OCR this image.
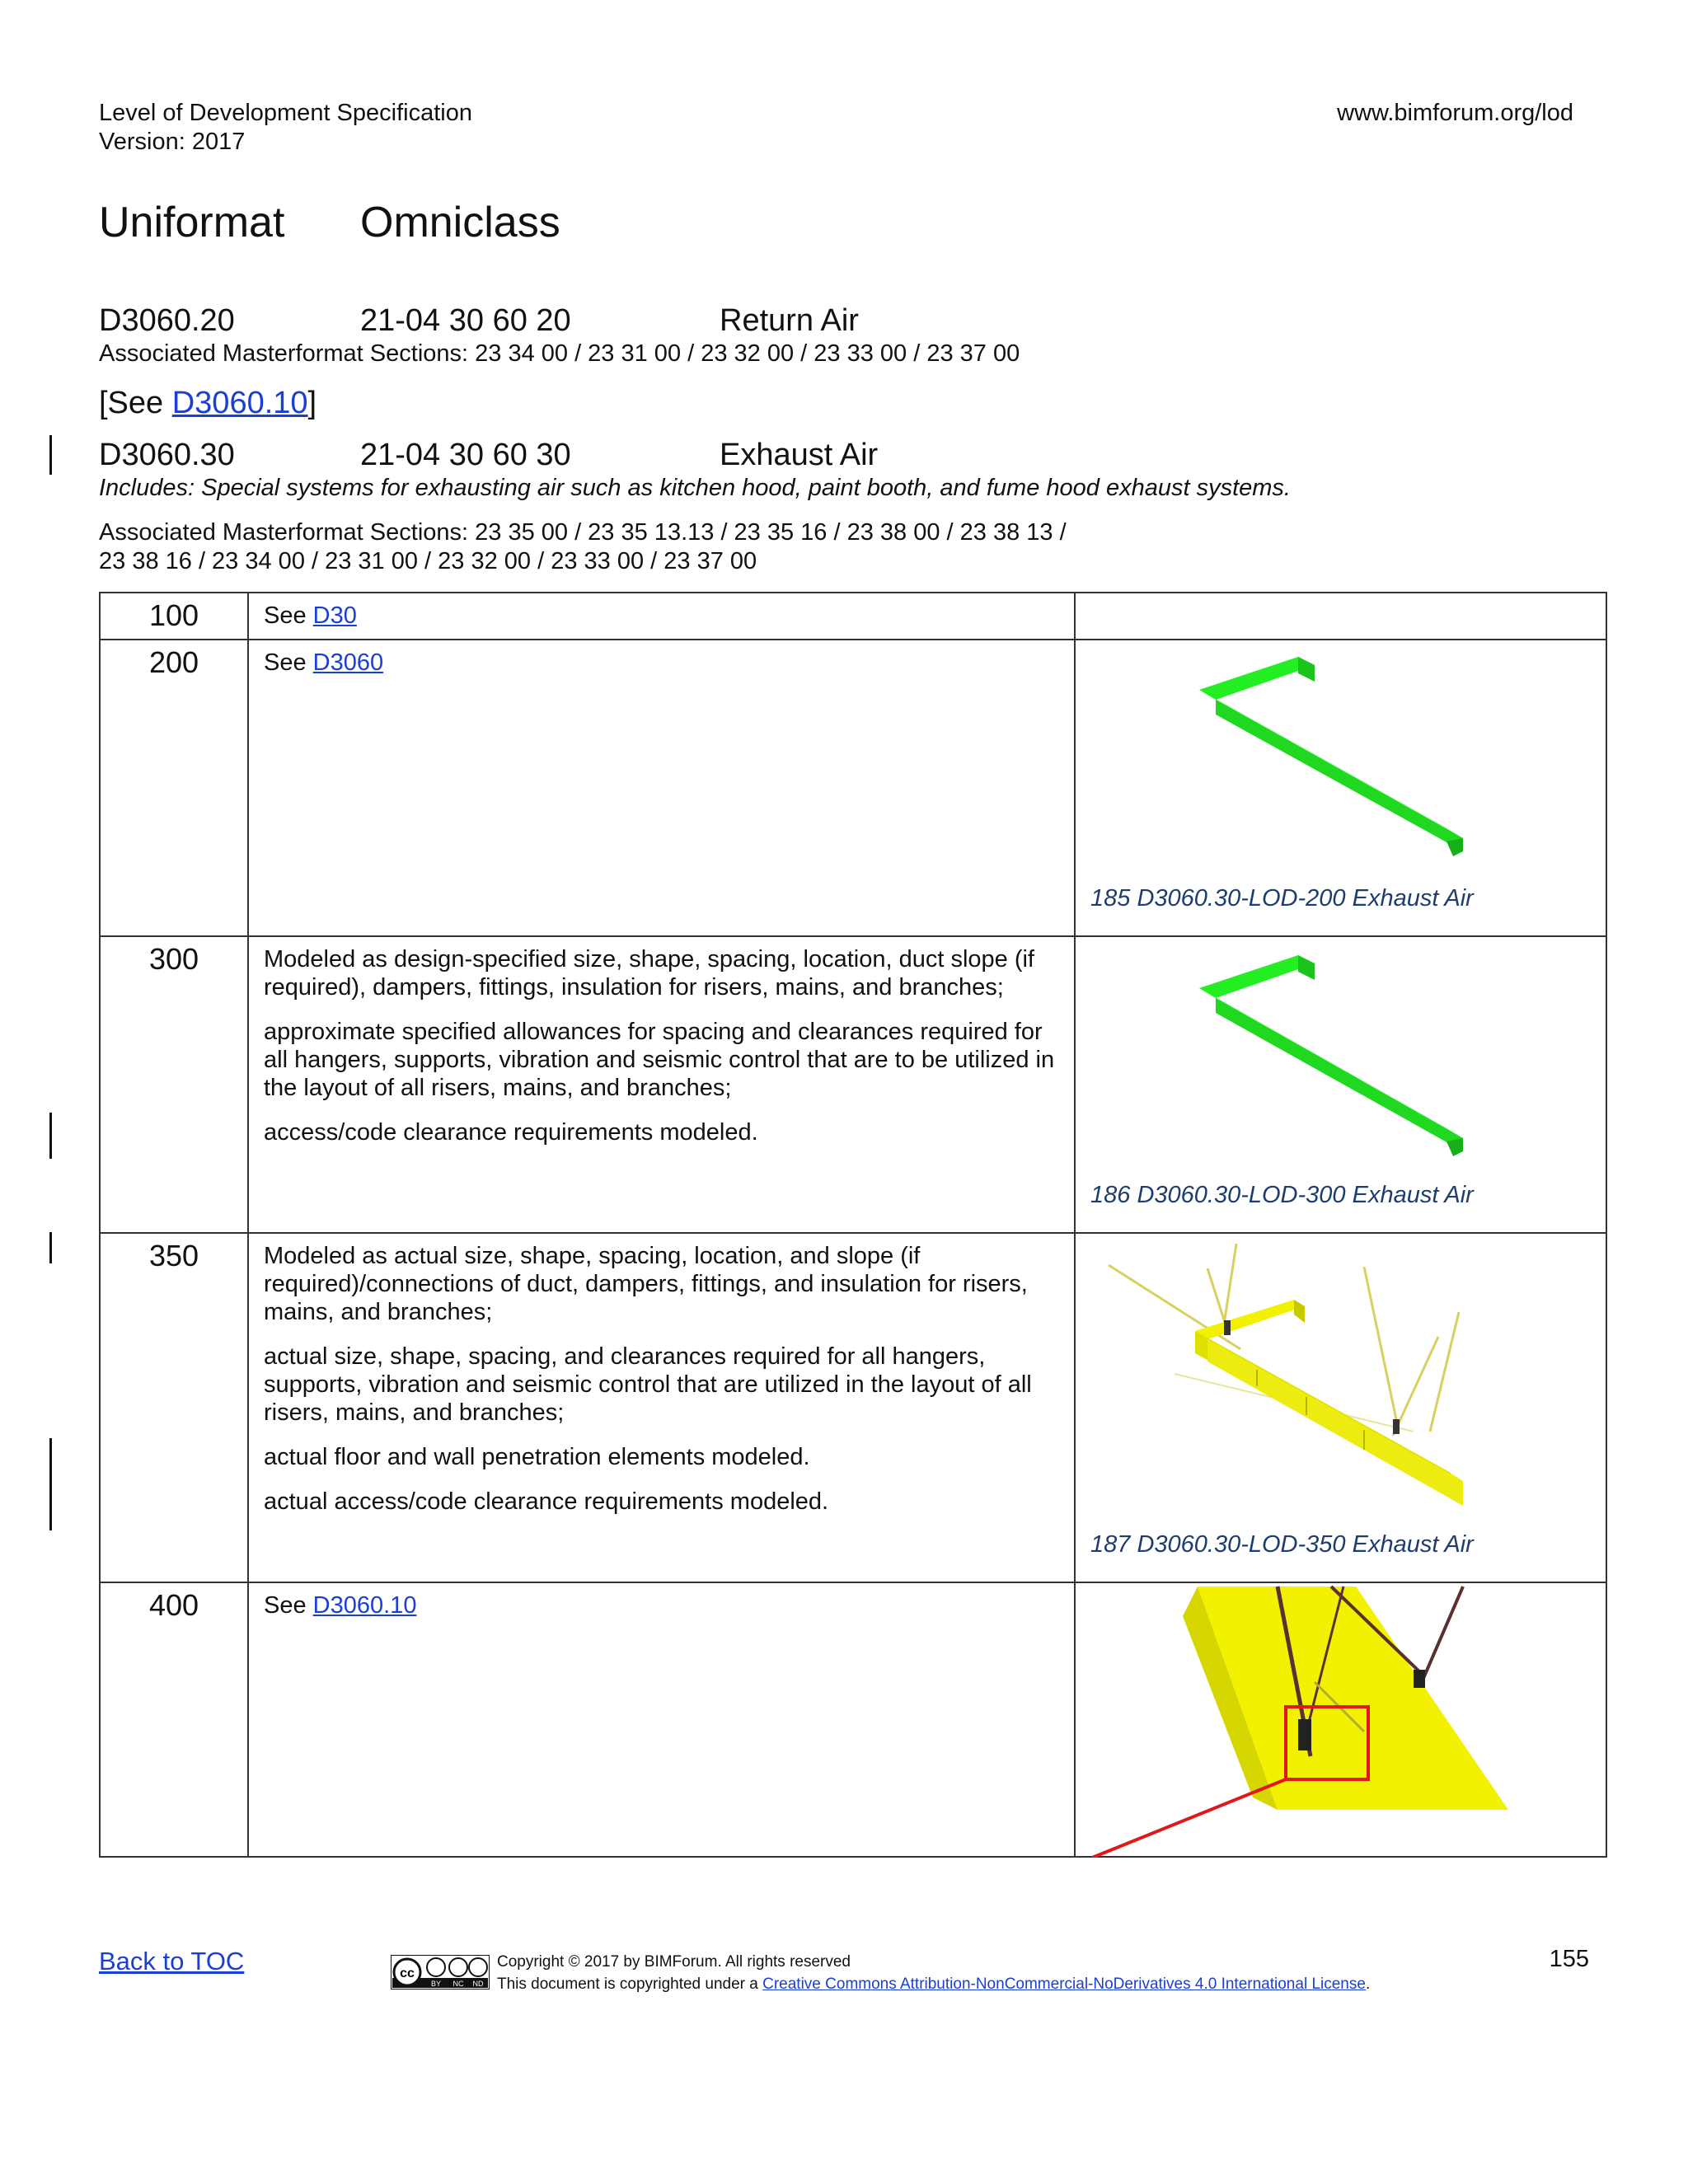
Level of Development Specification
Version: 2017
www.bimforum.org/lod
Uniformat Omniclass
D3060.20	21-04 30 60 20	Return Air
Associated Masterformat Sections: 23 34 00 / 23 31 00 / 23 32 00 / 23 33 00 / 23 37 00
[See D3060.10]
D3060.30	21-04 30 60 30	Exhaust Air
Includes: Special systems for exhausting air such as kitchen hood, paint booth, and fume hood exhaust systems.
Associated Masterformat Sections: 23 35 00 / 23 35 13.13 / 23 35 16 / 23 38 00 / 23 38 13 /
23 38 16 / 23 34 00 / 23 31 00 / 23 32 00 / 23 33 00 / 23 37 00
100	See D30	
200	See D3060	185 D3060.30-LOD-200 Exhaust Air

300	Modeled as design-specified size, shape, spacing, location, duct slope (if required), dampers, fittings, insulation for risers, mains, and branches;

approximate specified allowances for spacing and clearances required for all hangers, supports, vibration and seismic control that are to be utilized in the layout of all risers, mains, and branches;

access/code clearance requirements modeled.	186 D3060.30-LOD-300 Exhaust Air

350	Modeled as actual size, shape, spacing, location, and slope (if required)/connections of duct, dampers, fittings, and insulation for risers, mains, and branches;

actual size, shape, spacing, and clearances required for all hangers, supports, vibration and seismic control that are utilized in the layout of all risers, mains, and branches;

actual floor and wall penetration elements modeled.

actual access/code clearance requirements modeled.	187 D3060.30-LOD-350 Exhaust Air

400	See D3060.10	
Back to TOC	cc
BY NC ND
Copyright © 2017 by BIMForum. All rights reserved
This document is copyrighted under a Creative Commons Attribution-NonCommercial-NoDerivatives 4.0 International License.
155
